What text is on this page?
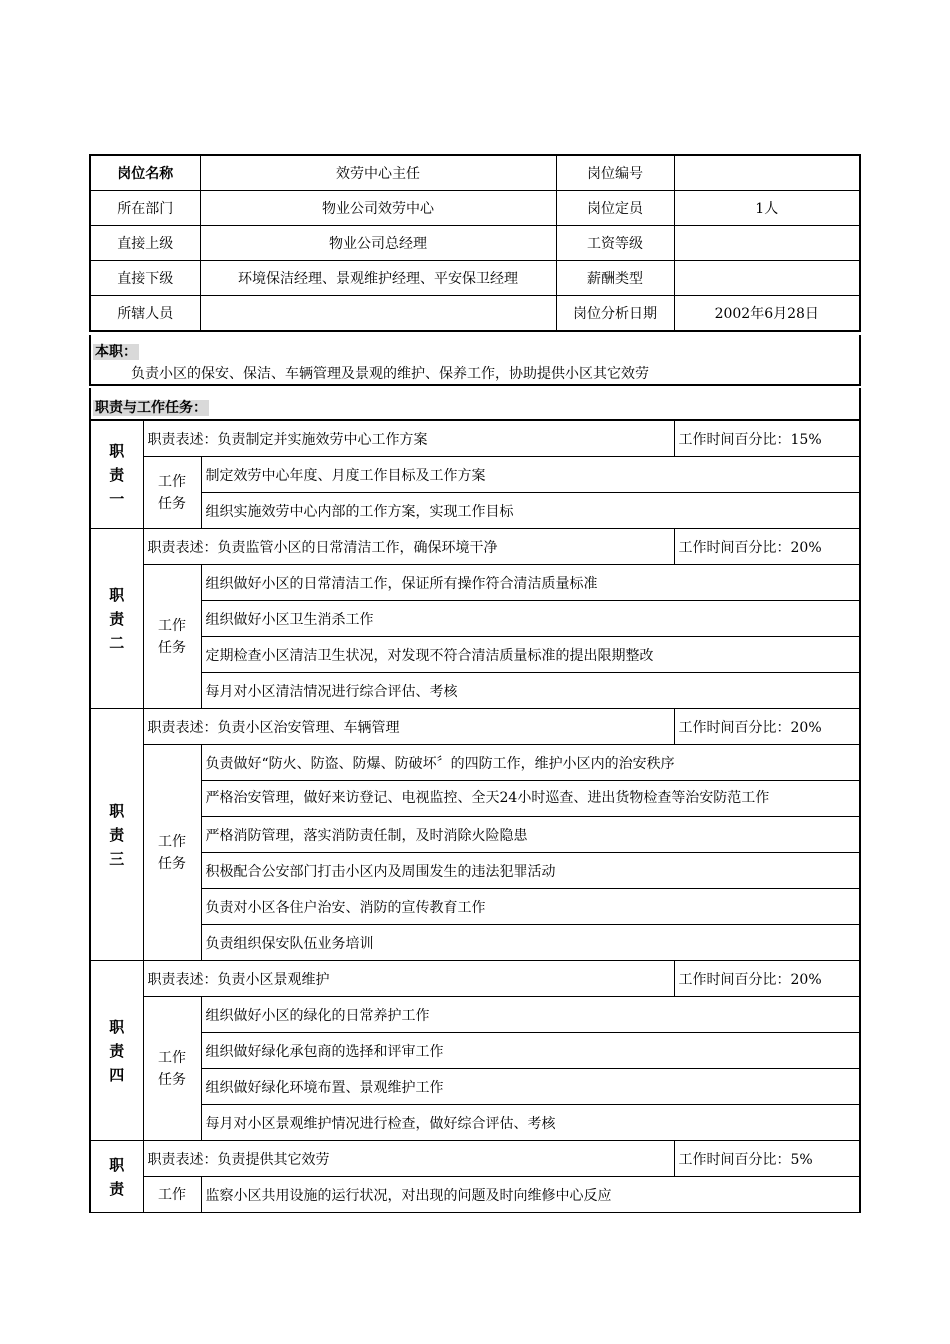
岗位名称	效劳中心主任	岗位编号	
所在部门	物业公司效劳中心	岗位定员	1人
直接上级	物业公司总经理	工资等级	
直接下级	环境保洁经理、景观维护经理、平安保卫经理	薪酬类型	
所辖人员		岗位分析日期	2002年6月28日
本职：
负责小区的保安、保洁、车辆管理及景观的维护、保养工作，协助提供小区其它效劳
职责与工作任务：
职
责
一	职责表述：负责制定并实施效劳中心工作方案		工作时间百分比：15%
	工作
任务	制定效劳中心年度、月度工作目标及工作方案	
		组织实施效劳中心内部的工作方案，实现工作目标	
职
责
二	职责表述：负责监管小区的日常清洁工作，确保环境干净		工作时间百分比：20%
	工作
任务	组织做好小区的日常清洁工作，保证所有操作符合清洁质量标准	
		组织做好小区卫生消杀工作	
		定期检查小区清洁卫生状况，对发现不符合清洁质量标准的提出限期整改	
		每月对小区清洁情况进行综合评估、考核	
职
责
三	职责表述：负责小区治安管理、车辆管理		工作时间百分比：20%
	工作
任务	负责做好“防火、防盗、防爆、防破坏〞的四防工作，维护小区内的治安秩序	
		严格治安管理，做好来访登记、电视监控、全天24小时巡查、进出货物检查等治安防范工作	
		严格消防管理，落实消防责任制，及时消除火险隐患	
		积极配合公安部门打击小区内及周围发生的违法犯罪活动	
		负责对小区各住户治安、消防的宣传教育工作	
		负责组织保安队伍业务培训	
职
责
四	职责表述：负责小区景观维护		工作时间百分比：20%
	工作
任务	组织做好小区的绿化的日常养护工作	
		组织做好绿化承包商的选择和评审工作	
		组织做好绿化环境布置、景观维护工作	
		每月对小区景观维护情况进行检查，做好综合评估、考核	
职
责	职责表述：负责提供其它效劳		工作时间百分比：5%
	工作	监察小区共用设施的运行状况，对出现的问题及时向维修中心反应	
